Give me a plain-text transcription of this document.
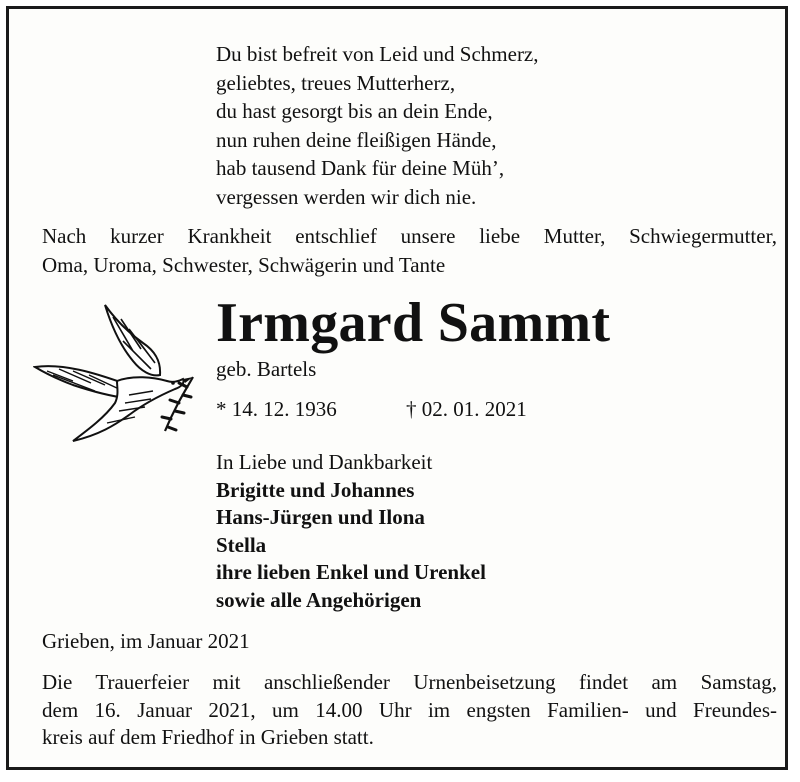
Du bist befreit von Leid und Schmerz,
geliebtes, treues Mutterherz,
du hast gesorgt bis an dein Ende,
nun ruhen deine fleißigen Hände,
hab tausend Dank für deine Müh’,
vergessen werden wir dich nie.
Nach kurzer Krankheit entschlief unsere liebe Mutter, Schwiegermutter,
Oma, Uroma, Schwester, Schwägerin und Tante
Irmgard Sammt
geb. Bartels
* 14. 12. 1936	† 02. 01. 2021
In Liebe und Dankbarkeit
Brigitte und Johannes
Hans-Jürgen und Ilona
Stella
ihre lieben Enkel und Urenkel
sowie alle Angehörigen
Grieben, im Januar 2021
Die Trauerfeier mit anschließender Urnenbeisetzung findet am Samstag,
dem 16. Januar 2021, um 14.00 Uhr im engsten Familien- und Freundes-
kreis auf dem Friedhof in Grieben statt.
